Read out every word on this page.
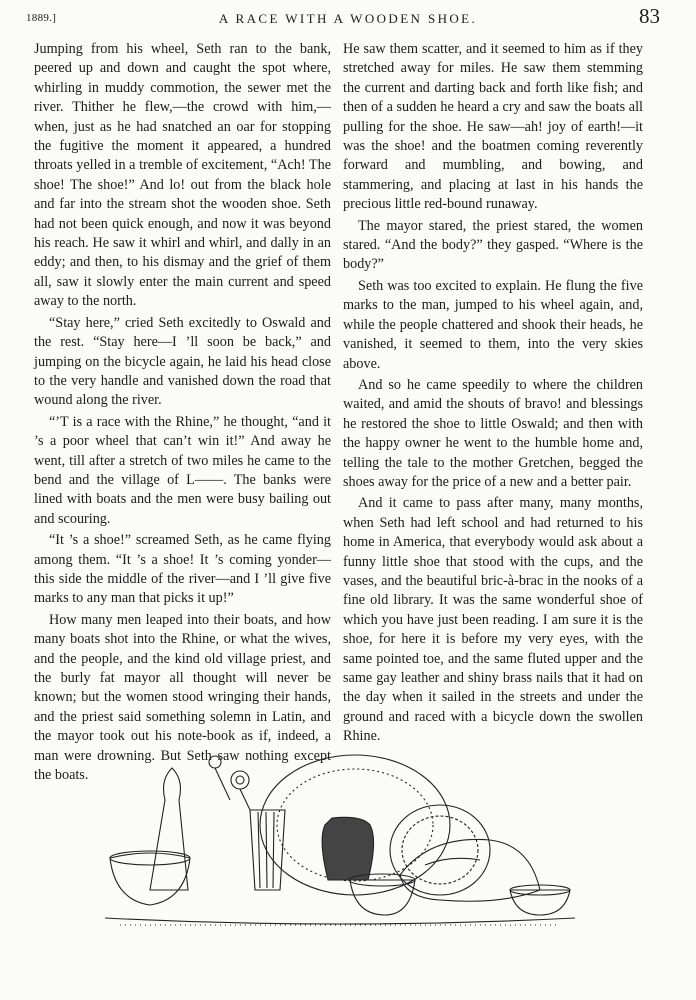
1889.]	A RACE WITH A WOODEN SHOE.	83

Jumping from his wheel, Seth ran to the bank, peered up and down and caught the spot where, whirling in muddy commotion, the sewer met the river. Thither he flew,—the crowd with him,—when, just as he had snatched an oar for stopping the fugitive the moment it appeared, a hundred throats yelled in a tremble of excitement, “Ach! The shoe! The shoe!” And lo! out from the black hole and far into the stream shot the wooden shoe. Seth had not been quick enough, and now it was beyond his reach. He saw it whirl and whirl, and dally in an eddy; and then, to his dismay and the grief of them all, saw it slowly enter the main current and speed away to the north.

“Stay here,” cried Seth excitedly to Oswald and the rest. “Stay here—I ’ll soon be back,” and jumping on the bicycle again, he laid his head close to the very handle and vanished down the road that wound along the river.

“’T is a race with the Rhine,” he thought, “and it ’s a poor wheel that can’t win it!” And away he went, till after a stretch of two miles he came to the bend and the village of L——. The banks were lined with boats and the men were busy bailing out and scouring.

“It ’s a shoe!” screamed Seth, as he came flying among them. “It ’s a shoe! It ’s coming yonder—this side the middle of the river—and I ’ll give five marks to any man that picks it up!”

How many men leaped into their boats, and how many boats shot into the Rhine, or what the wives, and the people, and the kind old village priest, and the burly fat mayor all thought will never be known; but the women stood wringing their hands, and the priest said something solemn in Latin, and the mayor took out his note-book as if, indeed, a man were drowning. But Seth saw nothing except the boats.

He saw them scatter, and it seemed to him as if they stretched away for miles. He saw them stemming the current and darting back and forth like fish; and then of a sudden he heard a cry and saw the boats all pulling for the shoe. He saw—ah! joy of earth!—it was the shoe! and the boatmen coming reverently forward and mumbling, and bowing, and stammering, and placing at last in his hands the precious little red-bound runaway.

The mayor stared, the priest stared, the women stared. “And the body?” they gasped. “Where is the body?”

Seth was too excited to explain. He flung the five marks to the man, jumped to his wheel again, and, while the people chattered and shook their heads, he vanished, it seemed to them, into the very skies above.

And so he came speedily to where the children waited, and amid the shouts of bravo! and blessings he restored the shoe to little Oswald; and then with the happy owner he went to the humble home and, telling the tale to the mother Gretchen, begged the shoes away for the price of a new and a better pair.

And it came to pass after many, many months, when Seth had left school and had returned to his home in America, that everybody would ask about a funny little shoe that stood with the cups, and the vases, and the beautiful bric-à-brac in the nooks of a fine old library. It was the same wonderful shoe of which you have just been reading. I am sure it is the shoe, for here it is before my very eyes, with the same pointed toe, and the same fluted upper and the same gay leather and shiny brass nails that it had on the day when it sailed in the streets and under the ground and raced with a bicycle down the swollen Rhine.
